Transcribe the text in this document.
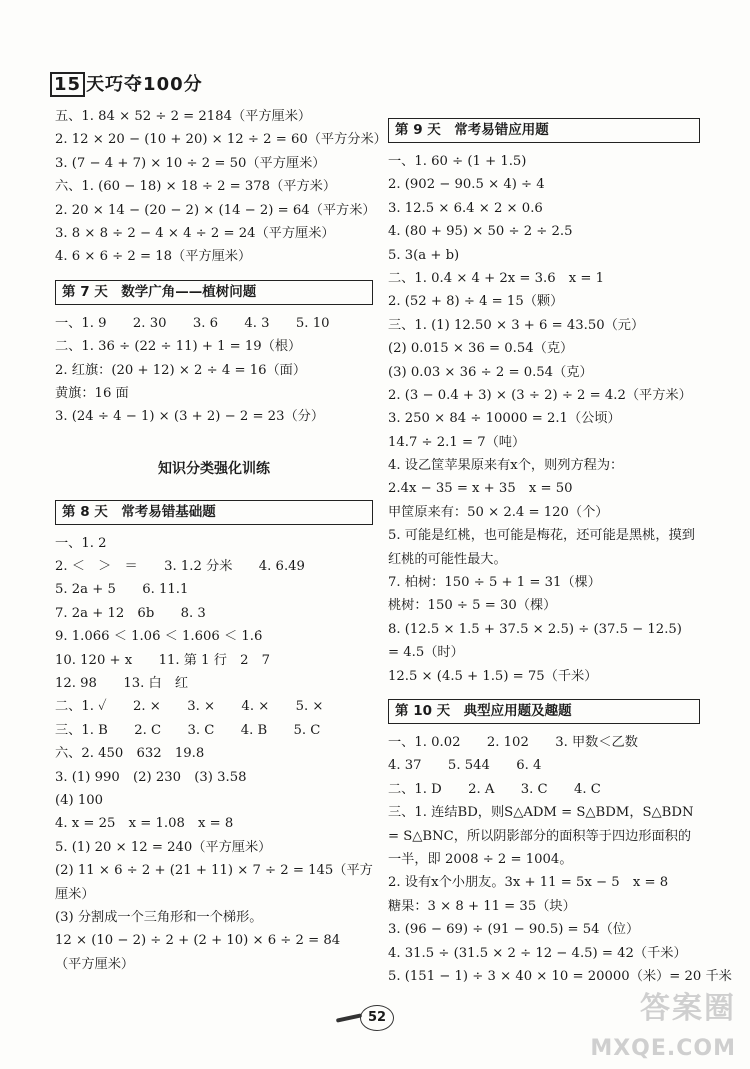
15 天巧夺100分
五、1. 84 × 52 ÷ 2 = 2184（平方厘米）
2. 12 × 20 − (10 + 20) × 12 ÷ 2 = 60（平方分米）
3. (7 − 4 + 7) × 10 ÷ 2 = 50（平方厘米）
六、1. (60 − 18) × 18 ÷ 2 = 378（平方米）
2. 20 × 14 − (20 − 2) × (14 − 2) = 64（平方米）
3. 8 × 8 ÷ 2 − 4 × 4 ÷ 2 = 24（平方厘米）
4. 6 × 6 ÷ 2 = 18（平方厘米）
第 7 天　数学广角——植树问题
一、1. 9　　2. 30　　3. 6　　4. 3　　5. 10
二、1. 36 ÷ (22 ÷ 11) + 1 = 19（根）
2. 红旗：(20 + 12) × 2 ÷ 4 = 16（面）
黄旗：16 面
3. (24 ÷ 4 − 1) × (3 + 2) − 2 = 23（分）
知识分类强化训练
第 8 天　常考易错基础题
一、1. 2
2. ＜　＞　＝　　3. 1.2 分米　　4. 6.49
5. 2a + 5　　6. 11.1
7. 2a + 12　6b　　8. 3
9. 1.06̇6 ＜ 1.06̇ ＜ 1.606 ＜ 1.6̇
10. 120 + x　　11. 第 1 行　2　7
12. 98　　13. 白　红
二、1. ✓　　2. ×　　3. ×　　4. ×　　5. ×
三、1. B　　2. C　　3. C　　4. B　　5. C
六、2. 450　632　19.8
3. (1) 990　(2) 230　(3) 3.58
(4) 100
4. x = 25　x = 1.08　x = 8
5. (1) 20 × 12 = 240（平方厘米）
(2) 11 × 6 ÷ 2 + (21 + 11) × 7 ÷ 2 = 145（平方厘米）
(3) 分割成一个三角形和一个梯形。
12 × (10 − 2) ÷ 2 + (2 + 10) × 6 ÷ 2 = 84
（平方厘米）
第 9 天　常考易错应用题
一、1. 60 ÷ (1 + 1.5)
2. (902 − 90.5 × 4) ÷ 4
3. 12.5 × 6.4 × 2 × 0.6
4. (80 + 95) × 50 ÷ 2 ÷ 2.5
5. 3(a + b)
二、1. 0.4 × 4 + 2x = 3.6　x = 1
2. (52 + 8) ÷ 4 = 15（颗）
三、1. (1) 12.50 × 3 + 6 = 43.50（元）
(2) 0.015 × 36 = 0.54（克）
(3) 0.03 × 36 ÷ 2 = 0.54（克）
2. (3 − 0.4 + 3) × (3 ÷ 2) ÷ 2 = 4.2（平方米）
3. 250 × 84 ÷ 10000 = 2.1（公顷）
14.7 ÷ 2.1 = 7（吨）
4. 设乙筐苹果原来有x个，则列方程为：
2.4x − 35 = x + 35　x = 50
甲筐原来有：50 × 2.4 = 120（个）
5. 可能是红桃，也可能是梅花，还可能是黑桃，摸到红桃的可能性最大。
7. 柏树：150 ÷ 5 + 1 = 31（棵）
桃树：150 ÷ 5 = 30（棵）
8. (12.5 × 1.5 + 37.5 × 2.5) ÷ (37.5 − 12.5)
= 4.5（时）
12.5 × (4.5 + 1.5) = 75（千米）
第 10 天　典型应用题及趣题
一、1. 0.02　　2. 102　　3. 甲数＜乙数
4. 37　　5. 544　　6. 4
二、1. D　　2. A　　3. C　　4. C
三、1. 连结BD，则S△ADM = S△BDM，S△BDN = S△BNC，所以阴影部分的面积等于四边形面积的一半，即 2008 ÷ 2 = 1004。
2. 设有x个小朋友。3x + 11 = 5x − 5　x = 8
糖果：3 × 8 + 11 = 35（块）
3. (96 − 69) ÷ (91 − 90.5) = 54（位）
4. 31.5 ÷ (31.5 × 2 ÷ 12 − 4.5) = 42（千米）
5. (151 − 1) ÷ 3 × 40 × 10 = 20000（米）= 20 千米
52	答案圈
MXQE.COM
